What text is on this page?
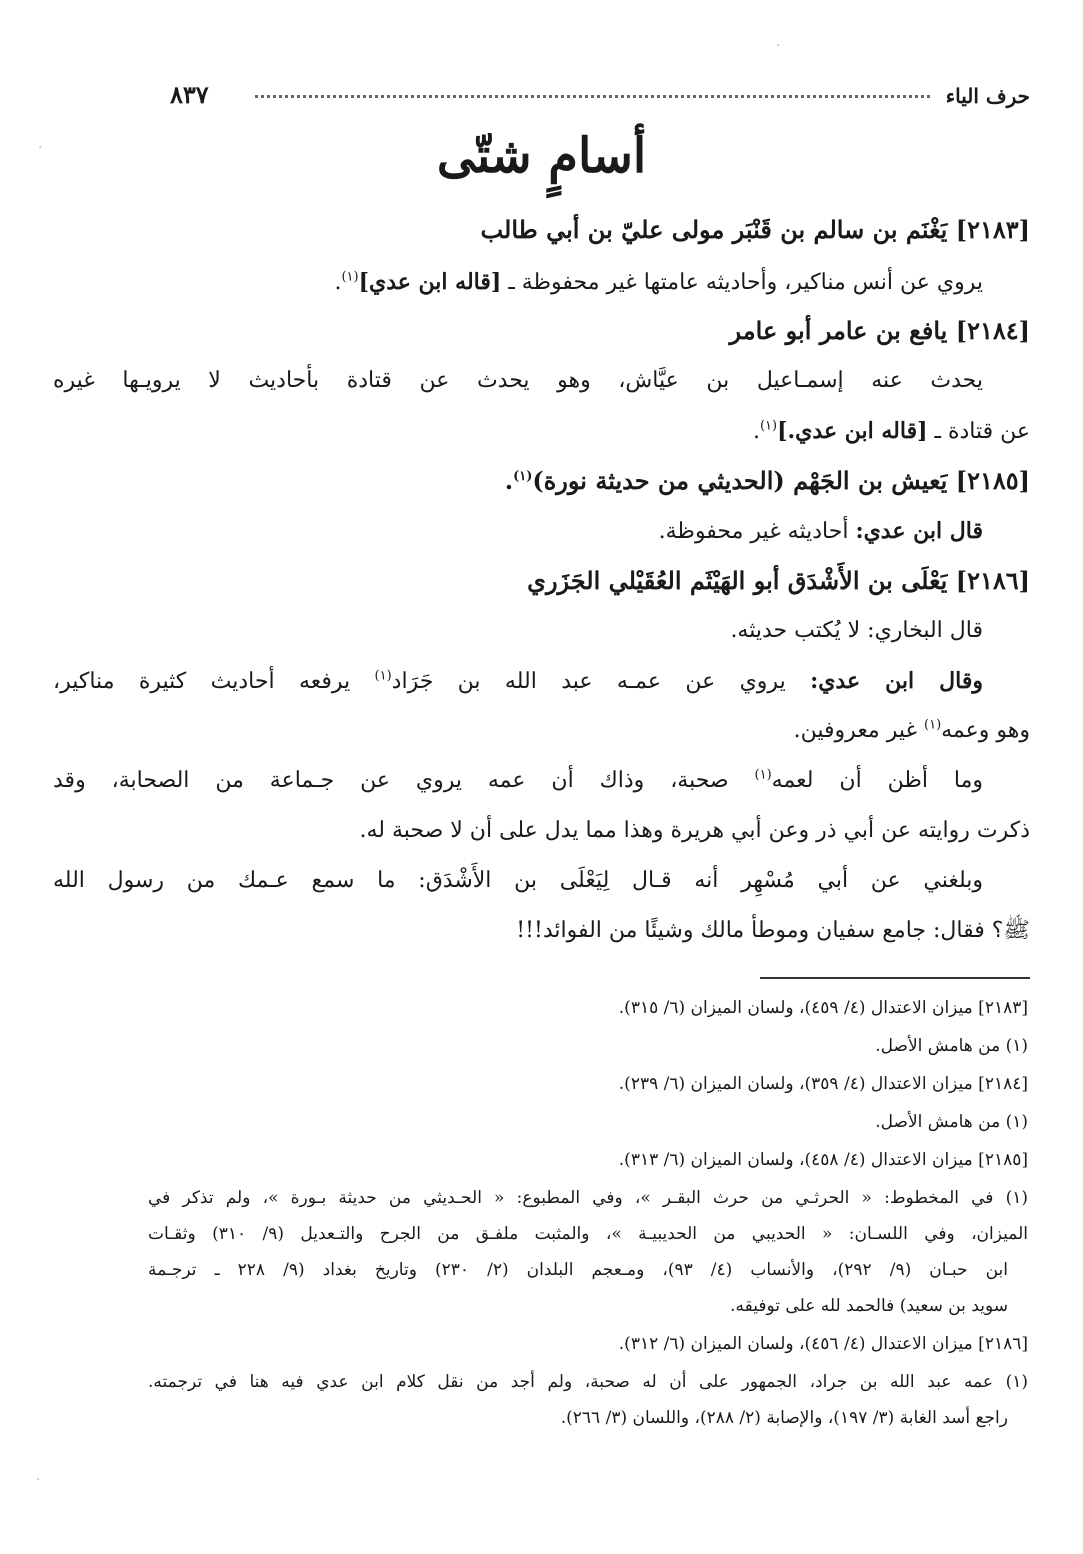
حرف الياء
٨٣٧
أسامٍ شتّى
[٢١٨٣] يَغْنَم بن سالم بن قَنْبَر مولى عليّ بن أبي طالب
يروي عن أنس مناكير، وأحاديثه عامتها غير محفوظة ـ [قاله ابن عدي]$^{(١)}$.
[٢١٨٤] يافع بن عامر أبو عامر
يحدث عنه إسمـاعيل بن عيَّاش، وهو يحدث عن قتادة بأحاديث لا يرويـها غيره
عن قتادة ـ [قاله ابن عدي.]$^{(١)}$.
[٢١٨٥] يَعيش بن الجَهْم (الحديثي من حديثة نورة)$^{(١)}$.
قال ابن عدي: أحاديثه غير محفوظة.
[٢١٨٦] يَعْلَى بن الأَشْدَق أبو الهَيْثَم العُقَيْلي الجَزَري
قال البخاري: لا يُكتب حديثه.
وقال ابن عدي: يروي عن عمـه عبد الله بن جَرَاد$^{(١)}$ يرفعه أحاديث كثيرة مناكير،
وهو وعمه$^{(١)}$ غير معروفين.
وما أظن أن لعمه$^{(١)}$ صحبة، وذاك أن عمه يروي عن جـماعة من الصحابة، وقد
ذكرت روايته عن أبي ذر وعن أبي هريرة وهذا مما يدل على أن لا صحبة له.
وبلغني عن أبي مُسْهِر أنه قـال لِيَعْلَى بن الأَشْدَق: ما سمع عـمك من رسول الله
ﷺ؟ فقال: جامع سفيان وموطأ مالك وشيئًا من الفوائد!!!
[٢١٨٣] ميزان الاعتدال (٤/ ٤٥٩)، ولسان الميزان (٦/ ٣١٥).
(١) من هامش الأصل.
[٢١٨٤] ميزان الاعتدال (٤/ ٣٥٩)، ولسان الميزان (٦/ ٢٣٩).
(١) من هامش الأصل.
[٢١٨٥] ميزان الاعتدال (٤/ ٤٥٨)، ولسان الميزان (٦/ ٣١٣).
(١) في المخطوط: « الحرثـي من حرث البقـر »، وفي المطبوع: « الحـديثي من حديثة بـورة »، ولم تذكر في
الميزان، وفي اللسـان: « الحديبي من الحديبيـة »، والمثبت ملفـق من الجرح والتـعديل (٩/ ٣١٠) وثقـات
ابن حبـان (٩/ ٢٩٢)، والأنساب (٤/ ٩٣)، ومـعجم البلدان (٢/ ٢٣٠) وتاريخ بغداد (٩/ ٢٢٨ ـ ترجـمة
سويد بن سعيد) فالحمد لله على توفيقه.
[٢١٨٦] ميزان الاعتدال (٤/ ٤٥٦)، ولسان الميزان (٦/ ٣١٢).
(١) عمه عبد الله بن جراد، الجمهور على أن له صحبة، ولم أجد من نقل كلام ابن عدي فيه هنا في ترجمته.
راجع أسد الغابة (٣/ ١٩٧)، والإصابة (٢/ ٢٨٨)، واللسان (٣/ ٢٦٦).
·
·
·
